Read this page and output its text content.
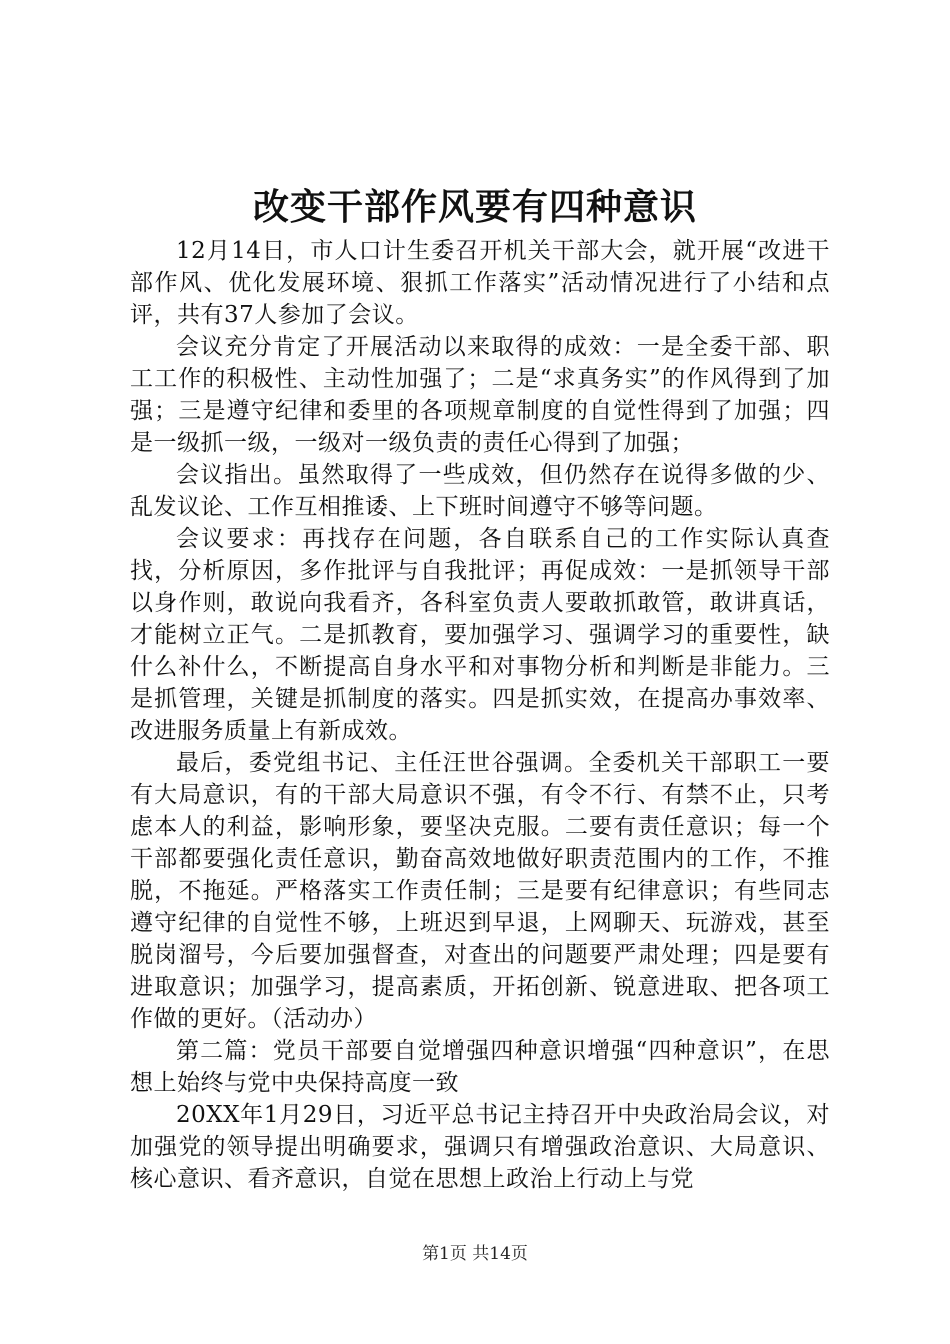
改变干部作风要有四种意识

12月14日，市人口计生委召开机关干部大会，就开展“改进干部作风、优化发展环境、狠抓工作落实”活动情况进行了小结和点评，共有37人参加了会议。

会议充分肯定了开展活动以来取得的成效：一是全委干部、职工工作的积极性、主动性加强了；二是“求真务实”的作风得到了加强；三是遵守纪律和委里的各项规章制度的自觉性得到了加强；四是一级抓一级，一级对一级负责的责任心得到了加强；

会议指出。虽然取得了一些成效，但仍然存在说得多做的少、乱发议论、工作互相推诿、上下班时间遵守不够等问题。

会议要求：再找存在问题，各自联系自己的工作实际认真查找，分析原因，多作批评与自我批评；再促成效：一是抓领导干部以身作则，敢说向我看齐，各科室负责人要敢抓敢管，敢讲真话，才能树立正气。二是抓教育，要加强学习、强调学习的重要性，缺什么补什么，不断提高自身水平和对事物分析和判断是非能力。三是抓管理，关键是抓制度的落实。四是抓实效，在提高办事效率、改进服务质量上有新成效。

最后，委党组书记、主任汪世谷强调。全委机关干部职工一要有大局意识，有的干部大局意识不强，有令不行、有禁不止，只考虑本人的利益，影响形象，要坚决克服。二要有责任意识；每一个干部都要强化责任意识，勤奋高效地做好职责范围内的工作，不推脱，不拖延。严格落实工作责任制；三是要有纪律意识；有些同志遵守纪律的自觉性不够，上班迟到早退，上网聊天、玩游戏，甚至脱岗溜号，今后要加强督查，对查出的问题要严肃处理；四是要有进取意识；加强学习，提高素质，开拓创新、锐意进取、把各项工作做的更好。（活动办）

第二篇：党员干部要自觉增强四种意识增强“四种意识”，在思想上始终与党中央保持高度一致

20XX年1月29日，习近平总书记主持召开中央政治局会议，对加强党的领导提出明确要求，强调只有增强政治意识、大局意识、核心意识、看齐意识，自觉在思想上政治上行动上与党

第1页 共14页
